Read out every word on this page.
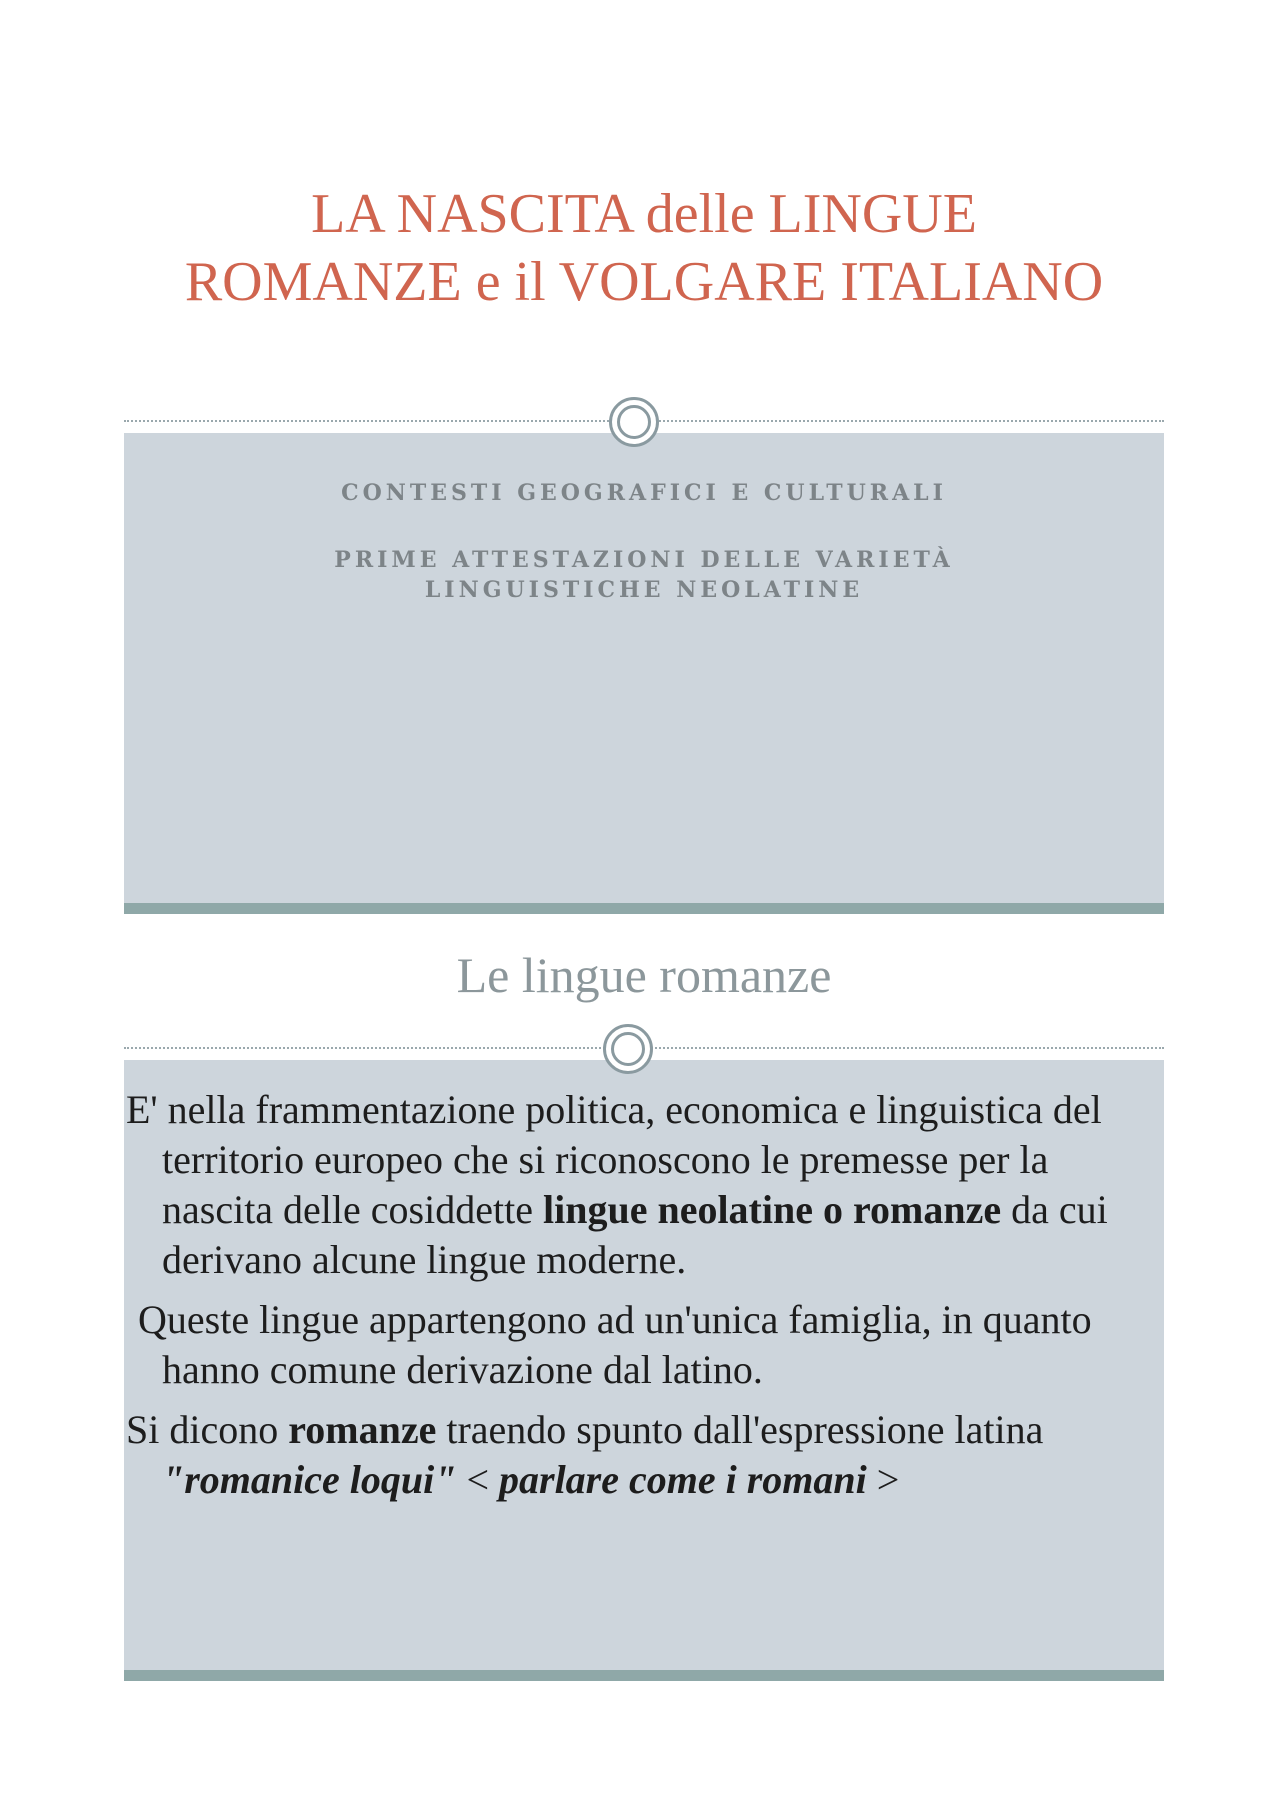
LA NASCITA delle LINGUE ROMANZE e il VOLGARE ITALIANO

CONTESTI GEOGRAFICI E CULTURALI

PRIME ATTESTAZIONI DELLE VARIETÀ LINGUISTICHE NEOLATINE

Le lingue romanze

E' nella frammentazione politica, economica e linguistica del territorio europeo che si riconoscono le premesse per la nascita delle cosiddette lingue neolatine o romanze da cui derivano alcune lingue moderne.

Queste lingue appartengono ad un'unica famiglia, in quanto hanno comune derivazione dal latino.

Si dicono romanze traendo spunto dall'espressione latina "romanice loqui" < parlare come i romani >
